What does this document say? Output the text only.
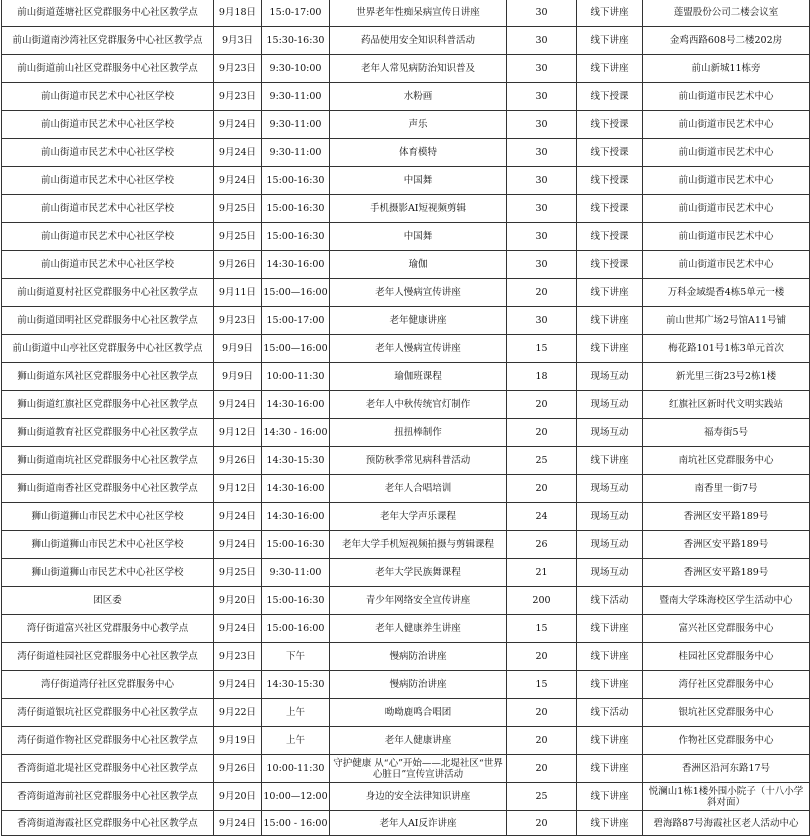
前山街道莲塘社区党群服务中心社区教学点	9月18日	15:0-17:00	世界老年性痴呆病宣传日讲座	30	线下讲座	莲盟股份公司二楼会议室
前山街道南沙湾社区党群服务中心社区教学点	9月3日	15:30-16:30	药品使用安全知识科普活动	30	线下讲座	金鸡西路608号二楼202房
前山街道前山社区党群服务中心社区教学点	9月23日	9:30-10:00	老年人常见病防治知识普及	30	线下讲座	前山新城11栋旁
前山街道市民艺术中心社区学校	9月23日	9:30-11:00	水粉画	30	线下授课	前山街道市民艺术中心
前山街道市民艺术中心社区学校	9月24日	9:30-11:00	声乐	30	线下授课	前山街道市民艺术中心
前山街道市民艺术中心社区学校	9月24日	9:30-11:00	体育模特	30	线下授课	前山街道市民艺术中心
前山街道市民艺术中心社区学校	9月24日	15:00-16:30	中国舞	30	线下授课	前山街道市民艺术中心
前山街道市民艺术中心社区学校	9月25日	15:00-16:30	手机摄影AI短视频剪辑	30	线下授课	前山街道市民艺术中心
前山街道市民艺术中心社区学校	9月25日	15:00-16:30	中国舞	30	线下授课	前山街道市民艺术中心
前山街道市民艺术中心社区学校	9月26日	14:30-16:00	瑜伽	30	线下授课	前山街道市民艺术中心
前山街道夏村社区党群服务中心社区教学点	9月11日	15:00—16:00	老年人慢病宣传讲座	20	线下讲座	万科金域缇香4栋5单元一楼
前山街道団明社区党群服务中心社区教学点	9月23日	15:00-17:00	老年健康讲座	30	线下讲座	前山世邦广场2号馆A11号铺
前山街道中山亭社区党群服务中心社区教学点	9月9日	15:00—16:00	老年人慢病宣传讲座	15	线下讲座	梅花路101号1栋3单元首次
狮山街道东风社区党群服务中心社区教学点	9月9日	10:00-11:30	瑜伽班课程	18	现场互动	新光里三街23号2栋1楼
狮山街道红旗社区党群服务中心社区教学点	9月24日	14:30-16:00	老年人中秋传统官灯制作	20	现场互动	红旗社区新时代文明实践站
狮山街道教育社区党群服务中心社区教学点	9月12日	14:30 - 16:00	扭扭棒制作	20	现场互动	福寿街5号
狮山街道南坑社区党群服务中心社区教学点	9月26日	14:30-15:30	预防秋季常见病科普活动	25	线下讲座	南坑社区党群服务中心
狮山街道南香社区党群服务中心社区教学点	9月12日	14:30-16:00	老年人合唱培训	20	现场互动	南香里一街7号
狮山街道狮山市民艺术中心社区学校	9月24日	14:30-16:00	老年大学声乐课程	24	现场互动	香洲区安平路189号
狮山街道狮山市民艺术中心社区学校	9月24日	15:00-16:30	老年大学手机短视频拍摄与剪辑课程	26	现场互动	香洲区安平路189号
狮山街道狮山市民艺术中心社区学校	9月25日	9:30-11:00	老年大学民族舞课程	21	现场互动	香洲区安平路189号
团区委	9月20日	15:00-16:30	青少年网络安全宣传讲座	200	线下活动	暨南大学珠海校区学生活动中心
湾仔街道富兴社区党群服务中心教学点	9月24日	15:00-16:00	老年人健康养生讲座	15	线下讲座	富兴社区党群服务中心
湾仔街道桂园社区党群服务中心社区教学点	9月23日	下午	慢病防治讲座	20	线下讲座	桂园社区党群服务中心
湾仔街道湾仔社区党群服务中心	9月24日	14:30-15:30	慢病防治讲座	15	线下讲座	湾仔社区党群服务中心
湾仔街道银坑社区党群服务中心社区教学点	9月22日	上午	呦呦鹿鸣合唱团	20	线下活动	银坑社区党群服务中心
湾仔街道作物社区党群服务中心社区教学点	9月19日	上午	老年人健康讲座	20	线下讲座	作物社区党群服务中心
香湾街道北堤社区党群服务中心社区教学点	9月26日	10:00-11:30	守护健康 从“心”开始——北堤社区“世界心脏日”宣传宣讲活动	20	线下讲座	香洲区沿河东路17号
香湾街道海前社区党群服务中心社区教学点	9月20日	10:00—12:00	身边的安全法律知识讲座	25	线下讲座	悦澜山1栋1楼外围小院子（十八小学斜对面）
香湾街道海霞社区党群服务中心社区教学点	9月24日	15:00 - 16:00	老年人AI反诈讲座	20	线下讲座	碧海路87号海霞社区老人活动中心
